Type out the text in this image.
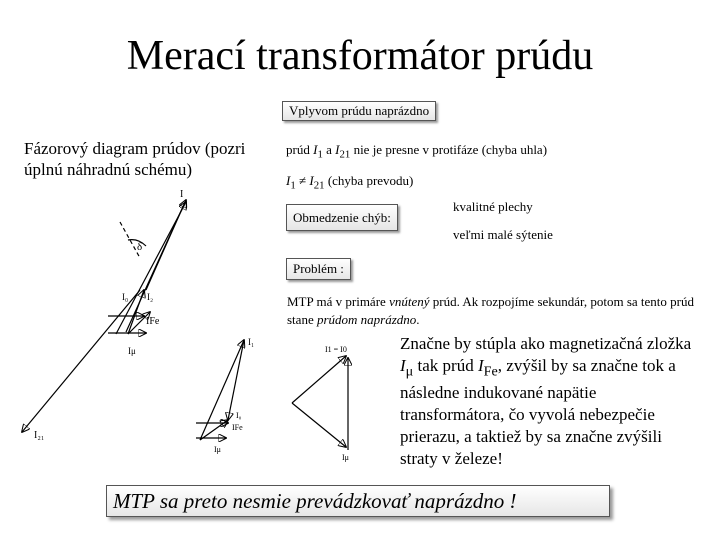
Merací transformátor prúdu
Vplyvom prúdu naprázdno
Fázorový diagram prúdov (pozri úplnú náhradnú schému)
prúd $I_1$ a $I_{21}$ nie je presne v protifáze (chyba uhla)
$I_1 \ne I_{21}$ (chyba prevodu)
Obmedzenie chýb:
kvalitné plechy
veľmi malé sýtenie
Problém :
MTP má v primáre vnútený prúd. Ak rozpojíme sekundár, potom sa tento prúd stane prúdom naprázdno.
Značne by stúpla ako magnetizačná zložka $I_\mu$ tak prúd $I_{Fe}$, zvýšil by sa značne tok a následne indukované napätie transformátora, čo vyvolá nebezpečie prierazu, a taktiež by sa značne zvýšili straty v železe!
MTP sa preto nesmie prevádzkovať naprázdno !
I
δ
I₀ I₂
IFe
Iμ
I₂₁
I₁
I₀
IFe
Iμ
I1 = I0
Iμ
